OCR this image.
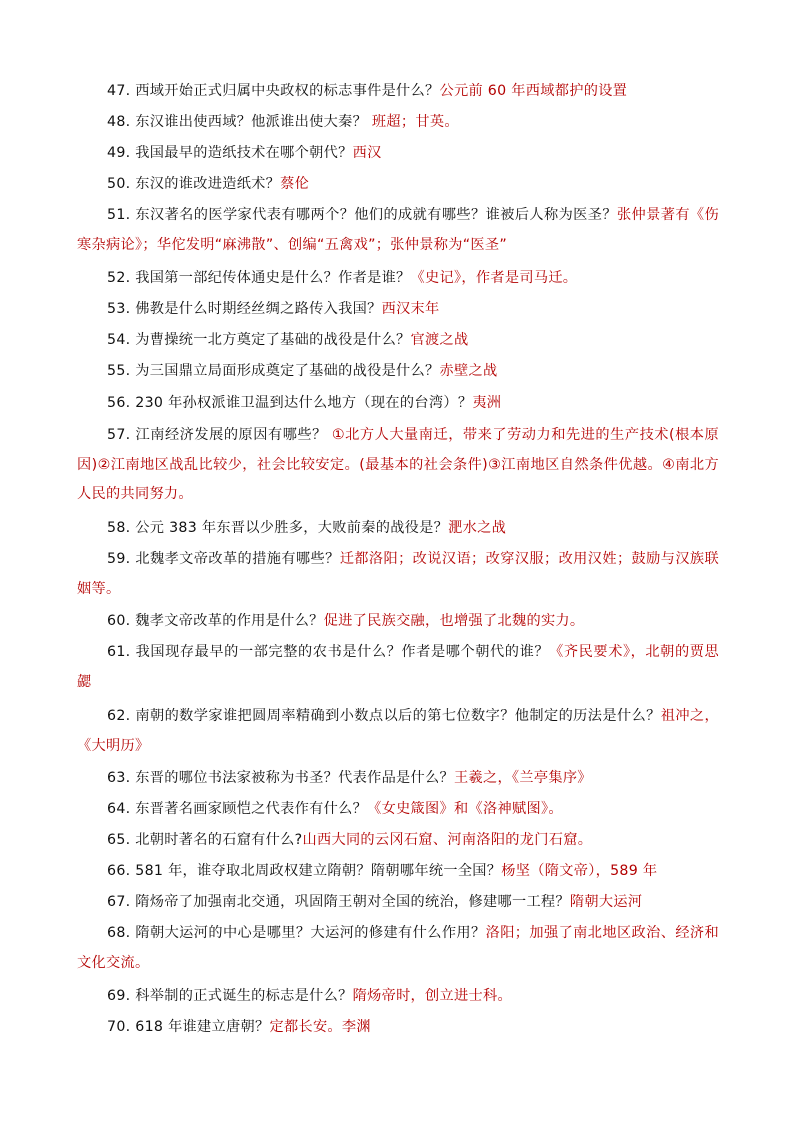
47. 西域开始正式归属中央政权的标志事件是什么？公元前 60 年西域都护的设置
48. 东汉谁出使西域？他派谁出使大秦？ 班超；甘英。
49. 我国最早的造纸技术在哪个朝代？西汉
50. 东汉的谁改进造纸术？蔡伦
51. 东汉著名的医学家代表有哪两个？他们的成就有哪些？谁被后人称为医圣？张仲景著有《伤寒杂病论》；华佗发明“麻沸散”、创编“五禽戏”；张仲景称为“医圣”
52. 我国第一部纪传体通史是什么？作者是谁？《史记》，作者是司马迁。
53. 佛教是什么时期经丝绸之路传入我国？西汉末年
54. 为曹操统一北方奠定了基础的战役是什么？官渡之战
55. 为三国鼎立局面形成奠定了基础的战役是什么？赤壁之战
56. 230 年孙权派谁卫温到达什么地方（现在的台湾）？夷洲
57. 江南经济发展的原因有哪些？ ①北方人大量南迁，带来了劳动力和先进的生产技术(根本原因)②江南地区战乱比较少，社会比较安定。(最基本的社会条件)③江南地区自然条件优越。④南北方人民的共同努力。
58. 公元 383 年东晋以少胜多，大败前秦的战役是？淝水之战
59. 北魏孝文帝改革的措施有哪些？迁都洛阳；改说汉语；改穿汉服；改用汉姓；鼓励与汉族联姻等。
60. 魏孝文帝改革的作用是什么？促进了民族交融，也增强了北魏的实力。
61. 我国现存最早的一部完整的农书是什么？作者是哪个朝代的谁？《齐民要术》，北朝的贾思勰
62. 南朝的数学家谁把圆周率精确到小数点以后的第七位数字？他制定的历法是什么？祖冲之，《大明历》
63. 东晋的哪位书法家被称为书圣？代表作品是什么？王羲之，《兰亭集序》
64. 东晋著名画家顾恺之代表作有什么？《女史箴图》和《洛神赋图》。
65. 北朝时著名的石窟有什么?山西大同的云冈石窟、河南洛阳的龙门石窟。
66. 581 年，谁夺取北周政权建立隋朝？隋朝哪年统一全国？杨坚（隋文帝），589 年
67. 隋炀帝了加强南北交通，巩固隋王朝对全国的统治，修建哪一工程？隋朝大运河
68. 隋朝大运河的中心是哪里？大运河的修建有什么作用？洛阳；加强了南北地区政治、经济和文化交流。
69. 科举制的正式诞生的标志是什么？隋炀帝时，创立进士科。
70. 618 年谁建立唐朝？定都长安。李渊
